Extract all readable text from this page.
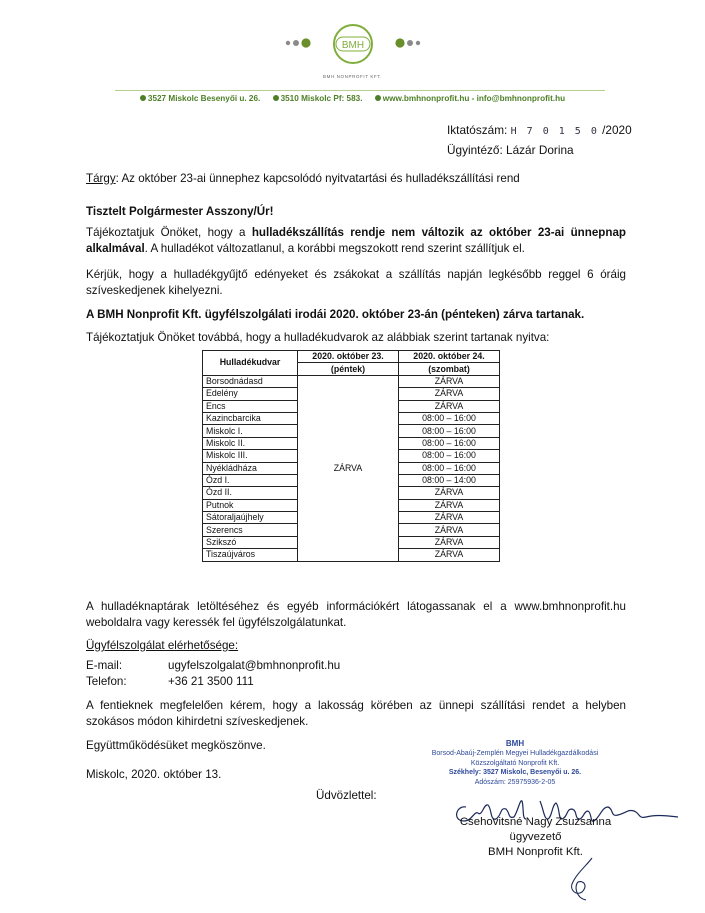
BMH
BMH NONPROFIT KFT.
3527 Miskolc Besenyői u. 26. 3510 Miskolc Pf: 583. www.bmhnonprofit.hu - info@bmhnonprofit.hu
Iktatószám: H 7 0 1 5 0 /2020
Ügyintéző: Lázár Dorina
Tárgy: Az október 23-ai ünnephez kapcsolódó nyitvatartási és hulladékszállítási rend
Tisztelt Polgármester Asszony/Úr!
Tájékoztatjuk Önöket, hogy a hulladékszállítás rendje nem változik az október 23-ai ünnepnap alkalmával. A hulladékot változatlanul, a korábbi megszokott rend szerint szállítjuk el.
Kérjük, hogy a hulladékgyűjtő edényeket és zsákokat a szállítás napján legkésőbb reggel 6 óráig szíveskedjenek kihelyezni.
A BMH Nonprofit Kft. ügyfélszolgálati irodái 2020. október 23-án (pénteken) zárva tartanak.
Tájékoztatjuk Önöket továbbá, hogy a hulladékudvarok az alábbiak szerint tartanak nyitva:
Hulladékudvar	2020. október 23.	2020. október 24.
	(péntek)	(szombat)
Borsodnádasd	ZÁRVA	ZÁRVA
Edelény		ZÁRVA
Encs		ZÁRVA
Kazincbarcika		08:00 – 16:00
Miskolc I.		08:00 – 16:00
Miskolc II.		08:00 – 16:00
Miskolc III.		08:00 – 16:00
Nyékládháza		08:00 – 16:00
Ózd I.		08:00 – 14:00
Ózd II.		ZÁRVA
Putnok		ZÁRVA
Sátoraljaújhely		ZÁRVA
Szerencs		ZÁRVA
Szikszó		ZÁRVA
Tiszaújváros		ZÁRVA
A hulladéknaptárak letöltéséhez és egyéb információkért látogassanak el a www.bmhnonprofit.hu weboldalra vagy keressék fel ügyfélszolgálatunkat.
Ügyfélszolgálat elérhetősége:
E-mail:	ugyfelszolgalat@bmhnonprofit.hu
Telefon:	+36 21 3500 111
A fentieknek megfelelően kérem, hogy a lakosság körében az ünnepi szállítási rendet a helyben szokásos módon kihirdetni szíveskedjenek.
Együttműködésüket megköszönve.
Miskolc, 2020. október 13.
Üdvözlettel:
BMH
Borsod-Abaúj-Zemplén Megyei Hulladékgazdálkodási
Közszolgáltató Nonprofit Kft.
Székhely: 3527 Miskolc, Besenyői u. 26.
Adószám: 25975936-2-05
Csehovitsné Nagy Zsuzsanna
ügyvezető
BMH Nonprofit Kft.
